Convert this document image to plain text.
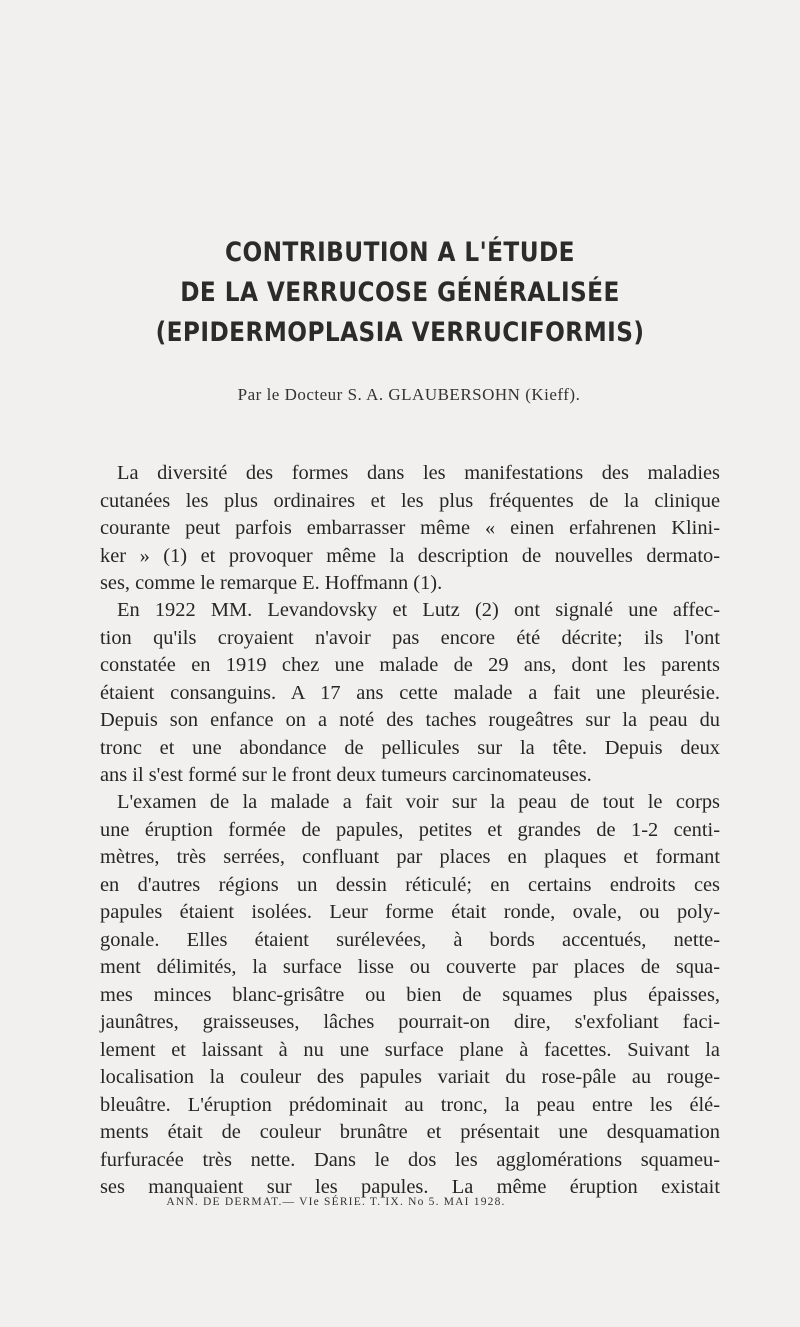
CONTRIBUTION A L'ÉTUDE
DE LA VERRUCOSE GÉNÉRALISÉE
(EPIDERMOPLASIA VERRUCIFORMIS)
Par le Docteur S. A. GLAUBERSOHN (Kieff).
La diversité des formes dans les manifestations des maladies
cutanées les plus ordinaires et les plus fréquentes de la clinique
courante peut parfois embarrasser même « einen erfahrenen Klini-
ker » (1) et provoquer même la description de nouvelles dermato-
ses, comme le remarque E. Hoffmann (1).
En 1922 MM. Levandovsky et Lutz (2) ont signalé une affec-
tion qu'ils croyaient n'avoir pas encore été décrite; ils l'ont
constatée en 1919 chez une malade de 29 ans, dont les parents
étaient consanguins. A 17 ans cette malade a fait une pleurésie.
Depuis son enfance on a noté des taches rougeâtres sur la peau du
tronc et une abondance de pellicules sur la tête. Depuis deux
ans il s'est formé sur le front deux tumeurs carcinomateuses.
L'examen de la malade a fait voir sur la peau de tout le corps
une éruption formée de papules, petites et grandes de 1-2 centi-
mètres, très serrées, confluant par places en plaques et formant
en d'autres régions un dessin réticulé; en certains endroits ces
papules étaient isolées. Leur forme était ronde, ovale, ou poly-
gonale. Elles étaient surélevées, à bords accentués, nette-
ment délimités, la surface lisse ou couverte par places de squa-
mes minces blanc-grisâtre ou bien de squames plus épaisses,
jaunâtres, graisseuses, lâches pourrait-on dire, s'exfoliant faci-
lement et laissant à nu une surface plane à facettes. Suivant la
localisation la couleur des papules variait du rose-pâle au rouge-
bleuâtre. L'éruption prédominait au tronc, la peau entre les élé-
ments était de couleur brunâtre et présentait une desquamation
furfuracée très nette. Dans le dos les agglomérations squameu-
ses manquaient sur les papules. La même éruption existait
ANN. DE DERMAT.— VIe SÉRIE. T. IX. No 5. MAI 1928.
